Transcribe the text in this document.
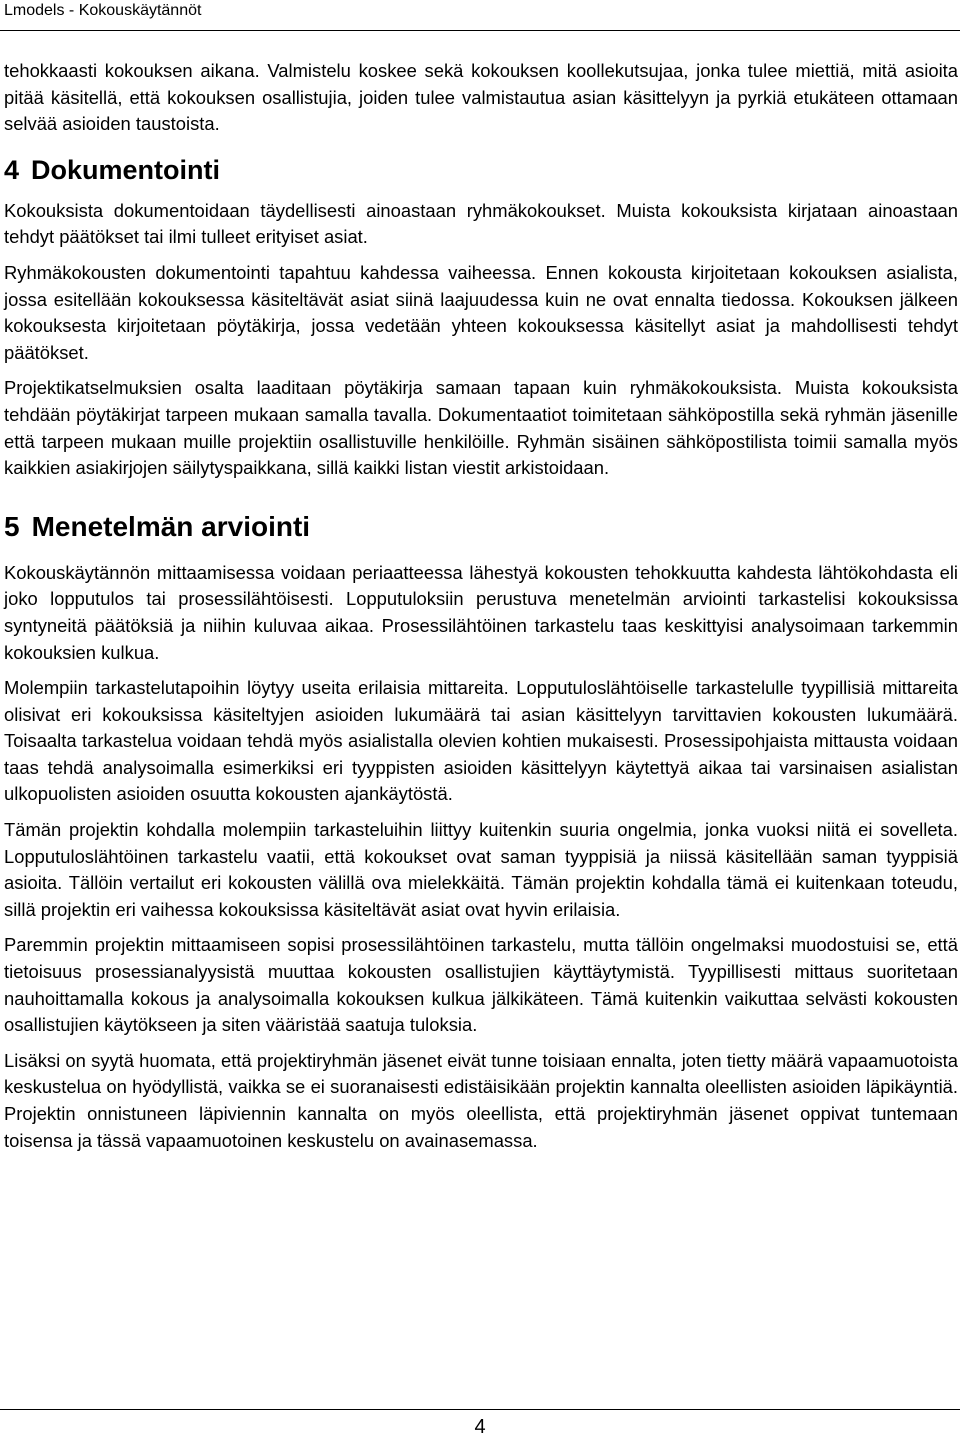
Lmodels - Kokouskäytännöt

tehokkaasti kokouksen aikana. Valmistelu koskee sekä kokouksen koollekutsujaa, jonka tulee miettiä, mitä asioita pitää käsitellä, että kokouksen osallistujia, joiden tulee valmistautua asian käsittelyyn ja pyrkiä etukäteen ottamaan selvää asioiden taustoista.

4 Dokumentointi

Kokouksista dokumentoidaan täydellisesti ainoastaan ryhmäkokoukset. Muista kokouksista kirjataan ainoastaan tehdyt päätökset tai ilmi tulleet erityiset asiat.

Ryhmäkokousten dokumentointi tapahtuu kahdessa vaiheessa. Ennen kokousta kirjoitetaan kokouksen asialista, jossa esitellään kokouksessa käsiteltävät asiat siinä laajuudessa kuin ne ovat ennalta tiedossa. Kokouksen jälkeen kokouksesta kirjoitetaan pöytäkirja, jossa vedetään yhteen kokouksessa käsitellyt asiat ja mahdollisesti tehdyt päätökset.

Projektikatselmuksien osalta laaditaan pöytäkirja samaan tapaan kuin ryhmäkokouksista. Muista kokouksista tehdään pöytäkirjat tarpeen mukaan samalla tavalla. Dokumentaatiot toimitetaan sähköpostilla sekä ryhmän jäsenille että tarpeen mukaan muille projektiin osallistuville henkilöille. Ryhmän sisäinen sähköpostilista toimii samalla myös kaikkien asiakirjojen säilytyspaikkana, sillä kaikki listan viestit arkistoidaan.

5 Menetelmän arviointi

Kokouskäytännön mittaamisessa voidaan periaatteessa lähestyä kokousten tehokkuutta kahdesta lähtökohdasta eli joko lopputulos tai prosessilähtöisesti. Lopputuloksiin perustuva menetelmän arviointi tarkastelisi kokouksissa syntyneitä päätöksiä ja niihin kuluvaa aikaa. Prosessilähtöinen tarkastelu taas keskittyisi analysoimaan tarkemmin kokouksien kulkua.

Molempiin tarkastelutapoihin löytyy useita erilaisia mittareita. Lopputuloslähtöiselle tarkastelulle tyypillisiä mittareita olisivat eri kokouksissa käsiteltyjen asioiden lukumäärä tai asian käsittelyyn tarvittavien kokousten lukumäärä. Toisaalta tarkastelua voidaan tehdä myös asialistalla olevien kohtien mukaisesti. Prosessipohjaista mittausta voidaan taas tehdä analysoimalla esimerkiksi eri tyyppisten asioiden käsittelyyn käytettyä aikaa tai varsinaisen asialistan ulkopuolisten asioiden osuutta kokousten ajankäytöstä.

Tämän projektin kohdalla molempiin tarkasteluihin liittyy kuitenkin suuria ongelmia, jonka vuoksi niitä ei sovelleta. Lopputuloslähtöinen tarkastelu vaatii, että kokoukset ovat saman tyyppisiä ja niissä käsitellään saman tyyppisiä asioita. Tällöin vertailut eri kokousten välillä ova mielekkäitä. Tämän projektin kohdalla tämä ei kuitenkaan toteudu, sillä projektin eri vaihessa kokouksissa käsiteltävät asiat ovat hyvin erilaisia.

Paremmin projektin mittaamiseen sopisi prosessilähtöinen tarkastelu, mutta tällöin ongelmaksi muodostuisi se, että tietoisuus prosessianalyysistä muuttaa kokousten osallistujien käyttäytymistä. Tyypillisesti mittaus suoritetaan nauhoittamalla kokous ja analysoimalla kokouksen kulkua jälkikäteen. Tämä kuitenkin vaikuttaa selvästi kokousten osallistujien käytökseen ja siten vääristää saatuja tuloksia.

Lisäksi on syytä huomata, että projektiryhmän jäsenet eivät tunne toisiaan ennalta, joten tietty määrä vapaamuotoista keskustelua on hyödyllistä, vaikka se ei suoranaisesti edistäisikään projektin kannalta oleellisten asioiden läpikäyntiä. Projektin onnistuneen läpiviennin kannalta on myös oleellista, että projektiryhmän jäsenet oppivat tuntemaan toisensa ja tässä vapaamuotoinen keskustelu on avainasemassa.

4
